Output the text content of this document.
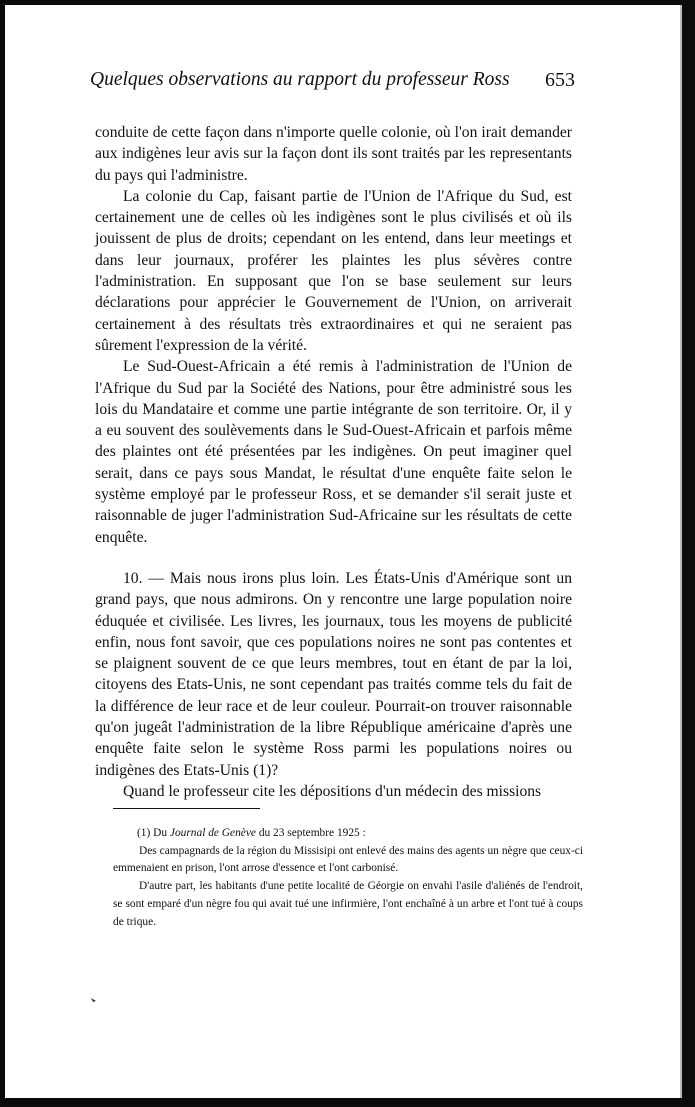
Quelques observations au rapport du professeur Ross 653

conduite de cette façon dans n'importe quelle colonie, où l'on irait demander aux indigènes leur avis sur la façon dont ils sont traités par les representants du pays qui l'administre.

La colonie du Cap, faisant partie de l'Union de l'Afrique du Sud, est certainement une de celles où les indigènes sont le plus civilisés et où ils jouissent de plus de droits; cependant on les entend, dans leur meetings et dans leur journaux, proférer les plaintes les plus sévères contre l'administration. En supposant que l'on se base seulement sur leurs déclarations pour apprécier le Gouvernement de l'Union, on arriverait certainement à des résultats très extraordinaires et qui ne seraient pas sûrement l'expression de la vérité.

Le Sud-Ouest-Africain a été remis à l'administration de l'Union de l'Afrique du Sud par la Société des Nations, pour être administré sous les lois du Mandataire et comme une partie intégrante de son territoire. Or, il y a eu souvent des soulèvements dans le Sud-Ouest-Africain et parfois même des plaintes ont été présentées par les indigènes. On peut imaginer quel serait, dans ce pays sous Mandat, le résultat d'une enquête faite selon le système employé par le professeur Ross, et se demander s'il serait juste et raisonnable de juger l'administration Sud-Africaine sur les résultats de cette enquête.

10. — Mais nous irons plus loin. Les États-Unis d'Amérique sont un grand pays, que nous admirons. On y rencontre une large population noire éduquée et civilisée. Les livres, les journaux, tous les moyens de publicité enfin, nous font savoir, que ces populations noires ne sont pas contentes et se plaignent souvent de ce que leurs membres, tout en étant de par la loi, citoyens des Etats-Unis, ne sont cependant pas traités comme tels du fait de la différence de leur race et de leur couleur. Pourrait-on trouver raisonnable qu'on jugeât l'administration de la libre République américaine d'après une enquête faite selon le système Ross parmi les populations noires ou indigènes des Etats-Unis (1)?

Quand le professeur cite les dépositions d'un médecin des missions

(1) Du Journal de Genève du 23 septembre 1925 :

Des campagnards de la région du Missisipi ont enlevé des mains des agents un nègre que ceux-ci emmenaient en prison, l'ont arrose d'essence et l'ont carbonisé.

D'autre part, les habitants d'une petite localité de Géorgie on envahi l'asile d'aliénés de l'endroit, se sont emparé d'un nègre fou qui avait tué une infirmière, l'ont enchaîné à un arbre et l'ont tué à coups de trique.
